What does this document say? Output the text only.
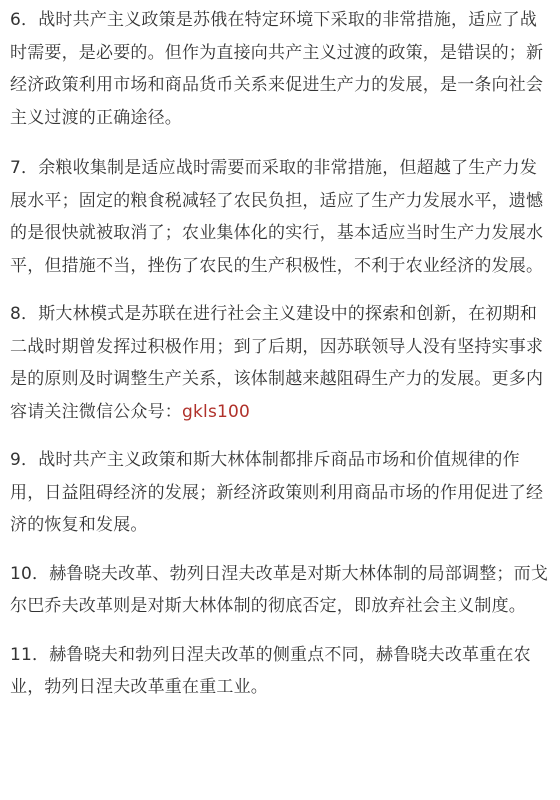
6．战时共产主义政策是苏俄在特定环境下采取的非常措施，适应了战时需要，是必要的。但作为直接向共产主义过渡的政策，是错误的；新经济政策利用市场和商品货币关系来促进生产力的发展，是一条向社会主义过渡的正确途径。

7．余粮收集制是适应战时需要而采取的非常措施，但超越了生产力发展水平；固定的粮食税减轻了农民负担，适应了生产力发展水平，遗憾的是很快就被取消了；农业集体化的实行，基本适应当时生产力发展水平，但措施不当，挫伤了农民的生产积极性，不利于农业经济的发展。

8．斯大林模式是苏联在进行社会主义建设中的探索和创新，在初期和二战时期曾发挥过积极作用；到了后期，因苏联领导人没有坚持实事求是的原则及时调整生产关系，该体制越来越阻碍生产力的发展。更多内容请关注微信公众号：gkls100

9．战时共产主义政策和斯大林体制都排斥商品市场和价值规律的作用，日益阻碍经济的发展；新经济政策则利用商品市场的作用促进了经济的恢复和发展。

10．赫鲁晓夫改革、勃列日涅夫改革是对斯大林体制的局部调整；而戈尔巴乔夫改革则是对斯大林体制的彻底否定，即放弃社会主义制度。

11．赫鲁晓夫和勃列日涅夫改革的侧重点不同，赫鲁晓夫改革重在农业，勃列日涅夫改革重在重工业。
